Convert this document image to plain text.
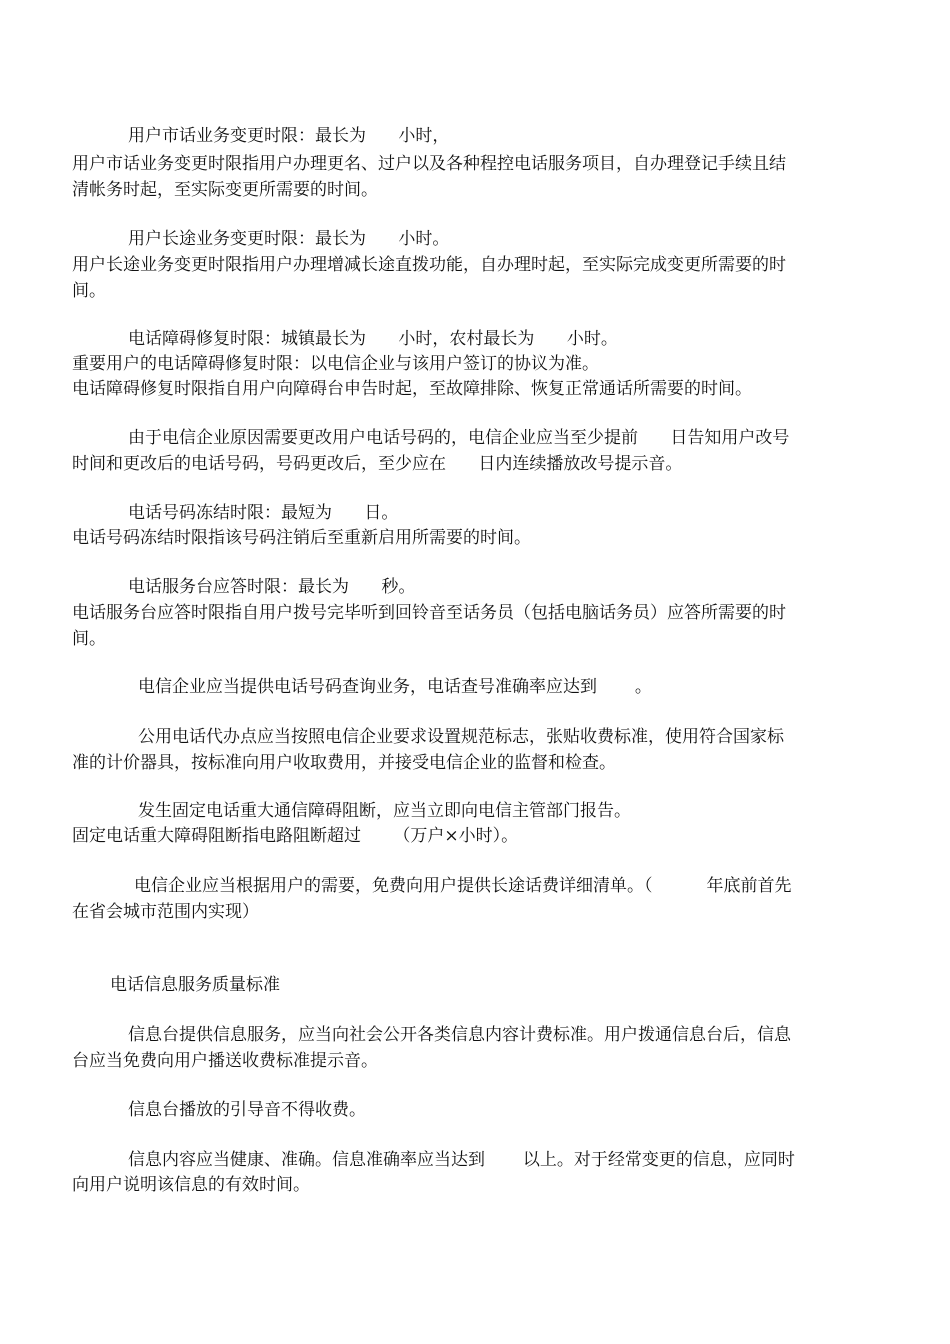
用户市话业务变更时限：最长为      小时，
用户市话业务变更时限指用户办理更名、过户以及各种程控电话服务项目，自办理登记手续且结
清帐务时起，至实际变更所需要的时间。
用户长途业务变更时限：最长为      小时。
用户长途业务变更时限指用户办理增减长途直拨功能，自办理时起，至实际完成变更所需要的时
间。
电话障碍修复时限：城镇最长为      小时，农村最长为      小时。
重要用户的电话障碍修复时限：以电信企业与该用户签订的协议为准。
电话障碍修复时限指自用户向障碍台申告时起，至故障排除、恢复正常通话所需要的时间。
由于电信企业原因需要更改用户电话号码的，电信企业应当至少提前      日告知用户改号
时间和更改后的电话号码，号码更改后，至少应在      日内连续播放改号提示音。
电话号码冻结时限：最短为      日。
电话号码冻结时限指该号码注销后至重新启用所需要的时间。
电话服务台应答时限：最长为      秒。
电话服务台应答时限指自用户拨号完毕听到回铃音至话务员（包括电脑话务员）应答所需要的时
间。
电信企业应当提供电话号码查询业务，电话查号准确率应达到       。
公用电话代办点应当按照电信企业要求设置规范标志，张贴收费标准，使用符合国家标
准的计价器具，按标准向用户收取费用，并接受电信企业的监督和检查。
发生固定电话重大通信障碍阻断，应当立即向电信主管部门报告。
固定电话重大障碍阻断指电路阻断超过      （万户×小时）。
电信企业应当根据用户的需要，免费向用户提供长途话费详细清单。（          年底前首先
在省会城市范围内实现）
电话信息服务质量标准
信息台提供信息服务，应当向社会公开各类信息内容计费标准。用户拨通信息台后，信息
台应当免费向用户播送收费标准提示音。
信息台播放的引导音不得收费。
信息内容应当健康、准确。信息准确率应当达到       以上。对于经常变更的信息，应同时
向用户说明该信息的有效时间。
